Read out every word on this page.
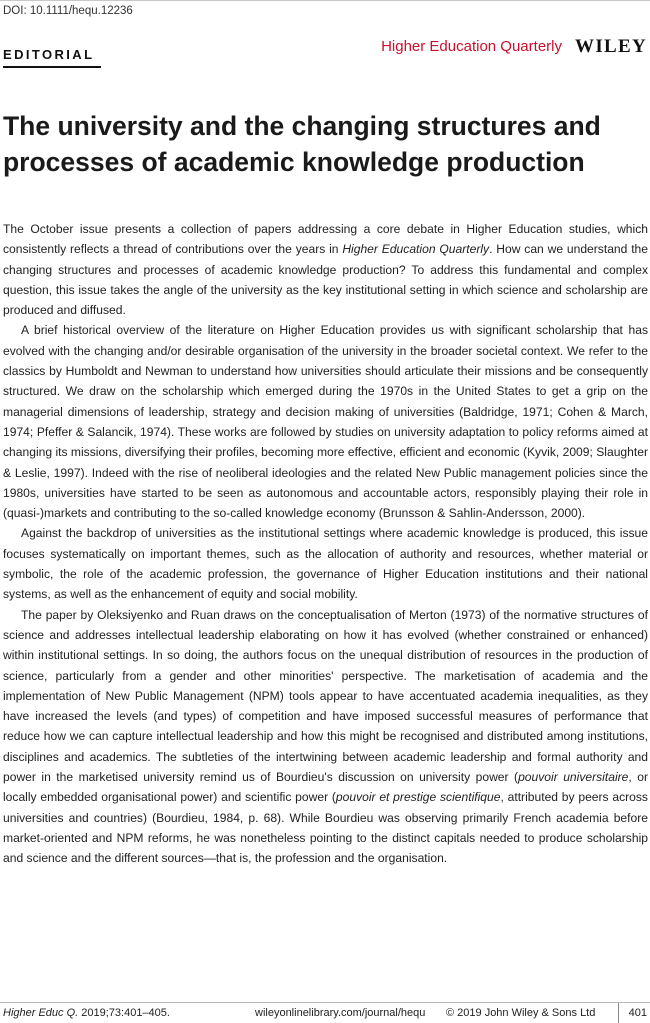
DOI: 10.1111/hequ.12236
EDITORIAL	Higher Education Quarterly WILEY
The university and the changing structures and processes of academic knowledge production

The October issue presents a collection of papers addressing a core debate in Higher Education studies, which consistently reflects a thread of contributions over the years in Higher Education Quarterly. How can we understand the changing structures and processes of academic knowledge production? To address this fundamental and complex question, this issue takes the angle of the university as the key institutional setting in which science and scholarship are produced and diffused.

A brief historical overview of the literature on Higher Education provides us with significant scholarship that has evolved with the changing and/or desirable organisation of the university in the broader societal context. We refer to the classics by Humboldt and Newman to understand how universities should articulate their missions and be consequently structured. We draw on the scholarship which emerged during the 1970s in the United States to get a grip on the managerial dimensions of leadership, strategy and decision making of universities (Baldridge, 1971; Cohen & March, 1974; Pfeffer & Salancik, 1974). These works are followed by studies on university adaptation to policy reforms aimed at changing its missions, diversifying their profiles, becoming more effective, efficient and economic (Kyvik, 2009; Slaughter & Leslie, 1997). Indeed with the rise of neoliberal ideologies and the related New Public management policies since the 1980s, universities have started to be seen as autonomous and accountable actors, responsibly playing their role in (quasi-)markets and contributing to the so-called knowledge economy (Brunsson & Sahlin-Andersson, 2000).

Against the backdrop of universities as the institutional settings where academic knowledge is produced, this issue focuses systematically on important themes, such as the allocation of authority and resources, whether material or symbolic, the role of the academic profession, the governance of Higher Education institutions and their national systems, as well as the enhancement of equity and social mobility.

The paper by Oleksiyenko and Ruan draws on the conceptualisation of Merton (1973) of the normative structures of science and addresses intellectual leadership elaborating on how it has evolved (whether constrained or enhanced) within institutional settings. In so doing, the authors focus on the unequal distribution of resources in the production of science, particularly from a gender and other minorities' perspective. The marketisation of academia and the implementation of New Public Management (NPM) tools appear to have accentuated academia inequalities, as they have increased the levels (and types) of competition and have imposed successful measures of performance that reduce how we can capture intellectual leadership and how this might be recognised and distributed among institutions, disciplines and academics. The subtleties of the intertwining between academic leadership and formal authority and power in the marketised university remind us of Bourdieu's discussion on university power (pouvoir universitaire, or locally embedded organisational power) and scientific power (pouvoir et prestige scientifique, attributed by peers across universities and countries) (Bourdieu, 1984, p. 68). While Bourdieu was observing primarily French academia before market-oriented and NPM reforms, he was nonetheless pointing to the distinct capitals needed to produce scholarship and science and the different sources—that is, the profession and the organisation.

Higher Educ Q. 2019;73:401–405.	wileyonlinelibrary.com/journal/hequ © 2019 John Wiley & Sons Ltd	401
